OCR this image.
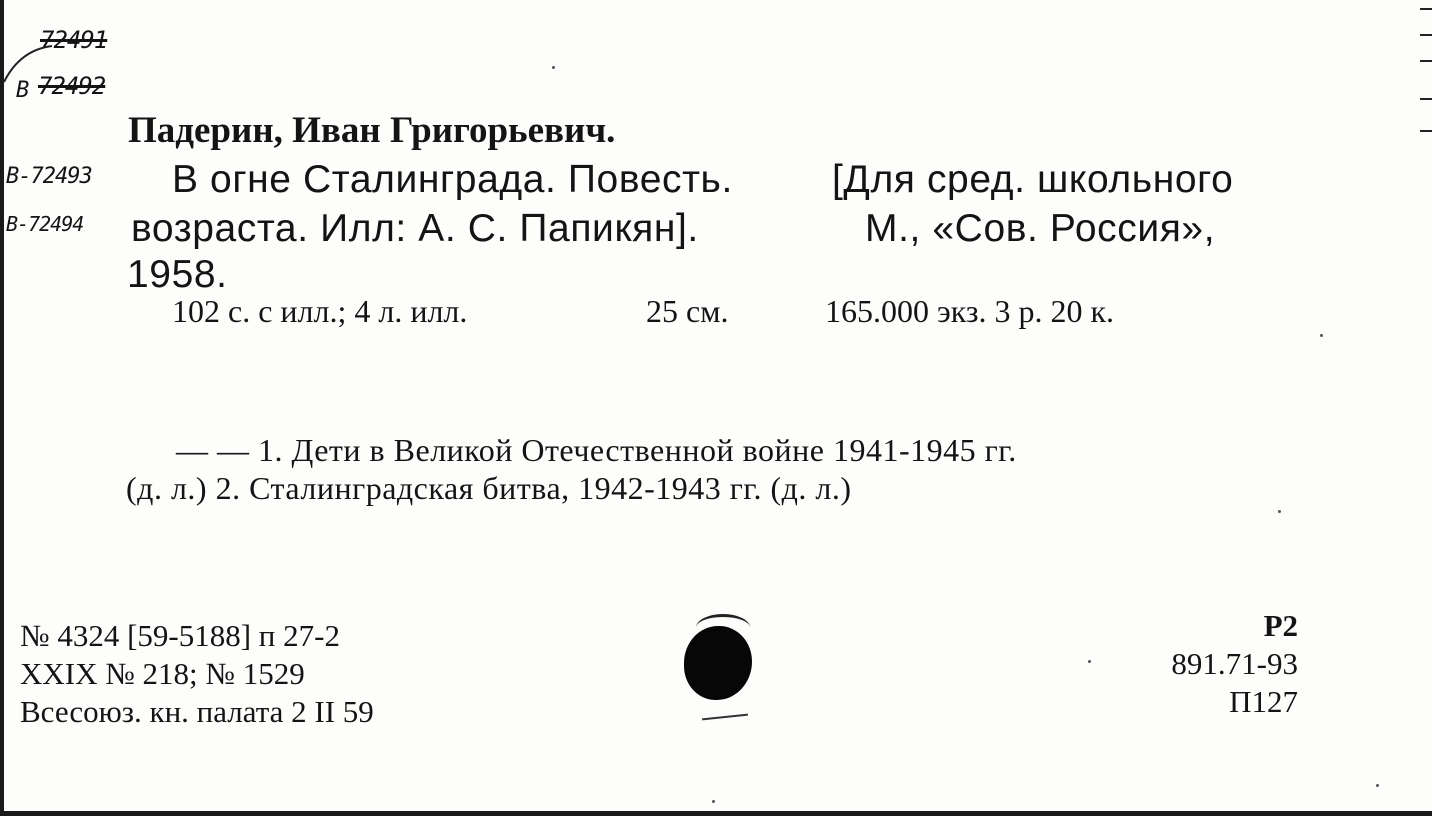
72491
В 72492
В-72493
В-72494
Падерин, Иван Григорьевич.
В огне Сталинграда. Повесть.	[Для сред. школьного
возраста. Илл: А. С. Папикян].	М., «Сов. Россия»,
1958.
102 с. с илл.; 4 л. илл.	25 см.	165.000 экз. 3 р. 20 к.
— — 1. Дети в Великой Отечественной войне 1941-1945 гг.
(д. л.) 2. Сталинградская битва, 1942-1943 гг. (д. л.)
№ 4324 [59-5188] п 27-2
XXIX № 218; № 1529
Всесоюз. кн. палата 2 II 59
Р2
891.71-93
П127
